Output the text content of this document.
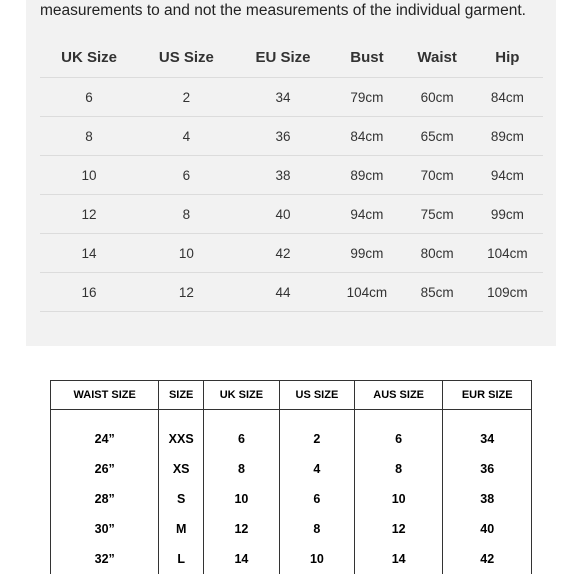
measurements to and not the measurements of the individual garment.
UK Size	US Size	EU Size	Bust	Waist	Hip
6	2	34	79cm	60cm	84cm
8	4	36	84cm	65cm	89cm
10	6	38	89cm	70cm	94cm
12	8	40	94cm	75cm	99cm
14	10	42	99cm	80cm	104cm
16	12	44	104cm	85cm	109cm
WAIST SIZE	SIZE	UK SIZE	US SIZE	AUS SIZE	EUR SIZE

24”	XXS	6	2	6	34
26”	XS	8	4	8	36
28”	S	10	6	10	38
30”	M	12	8	12	40
32”	L	14	10	14	42
